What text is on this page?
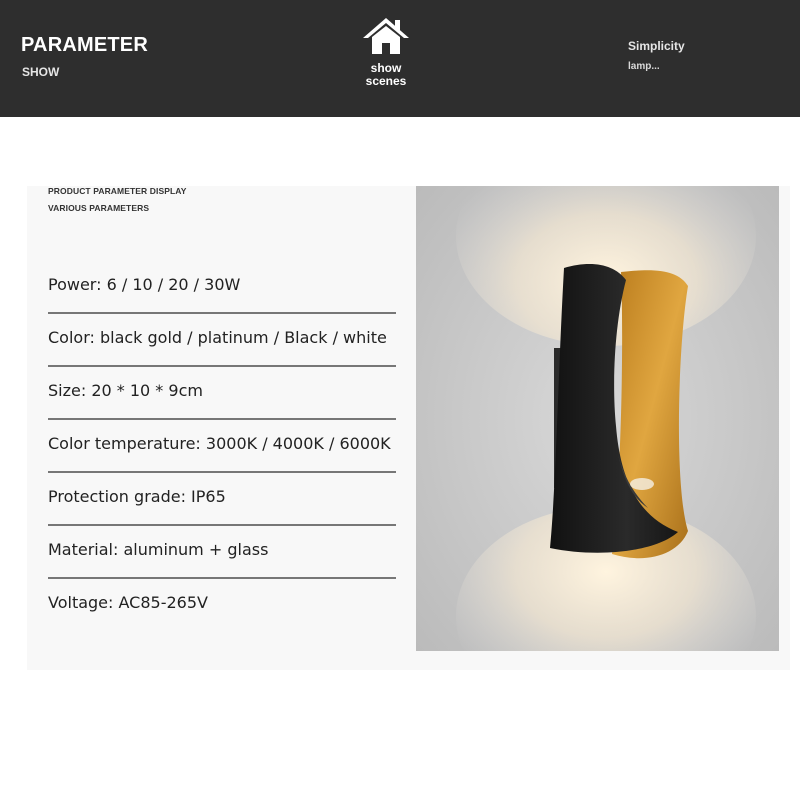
PARAMETER
SHOW	show
scenes
Simplicity
lamp...
PRODUCT PARAMETER DISPLAY
VARIOUS PARAMETERS
Power: 6 / 10 / 20 / 30W
Color: black gold / platinum / Black / white
Size: 20 * 10 * 9cm
Color temperature: 3000K / 4000K / 6000K
Protection grade: IP65
Material: aluminum + glass
Voltage: AC85-265V
